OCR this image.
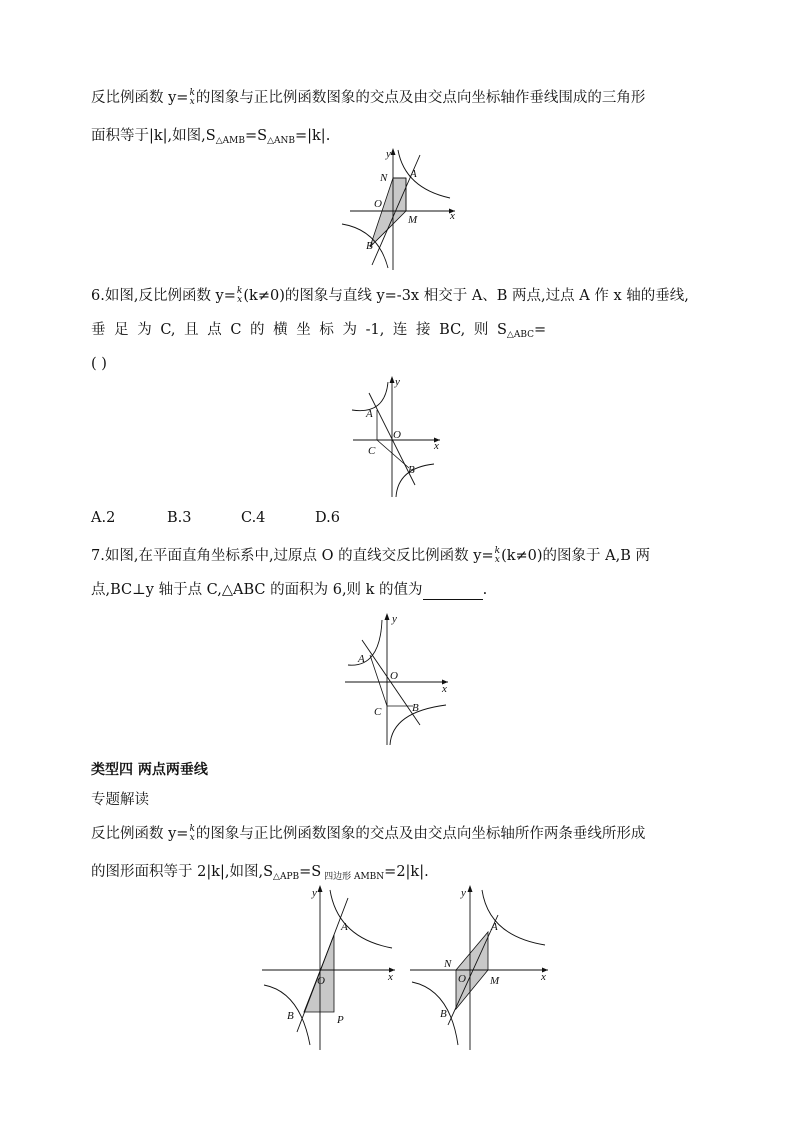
反比例函数 y= k
x 的图象与正比例函数图象的交点及由交点向坐标轴作垂线围成的三角形
面积等于|k|,如图$,S_{\triangle AMB}=S_{\triangle ANB}=|k|$.
y
x
N A
O
M
B
6.如图,反比例函数 y= k
x (k≠0)的图象与直线 y=-3x 相交于 A、B 两点,过点 A 作 x 轴的垂线,
垂 足 为 C, 且 点 C 的 横 坐 标 为 -1, 连 接 BC, 则 $S_{\triangle ABC}=$
( )
y
x
A
O
C
B
A.2	B.3	C.4	D.6
7.如图,在平面直角坐标系中,过原点 O 的直线交反比例函数 y= k
x (k≠0)的图象于 A,B 两
点,BC⊥y 轴于点 C,△ABC 的面积为 6,则 k 的值为	.
y
x
A
O
C	B
类型四 两点两垂线
专题解读
反比例函数 y= k
x 的图象与正比例函数图象的交点及由交点向坐标轴所作两条垂线所形成
的图形面积等于 2|k|,如图$,S_{\triangle APB}=S$ $_{四边形 AMBN}$=2|k|.
y
x
A
O
B	P
y
x
A
N
O M
B
